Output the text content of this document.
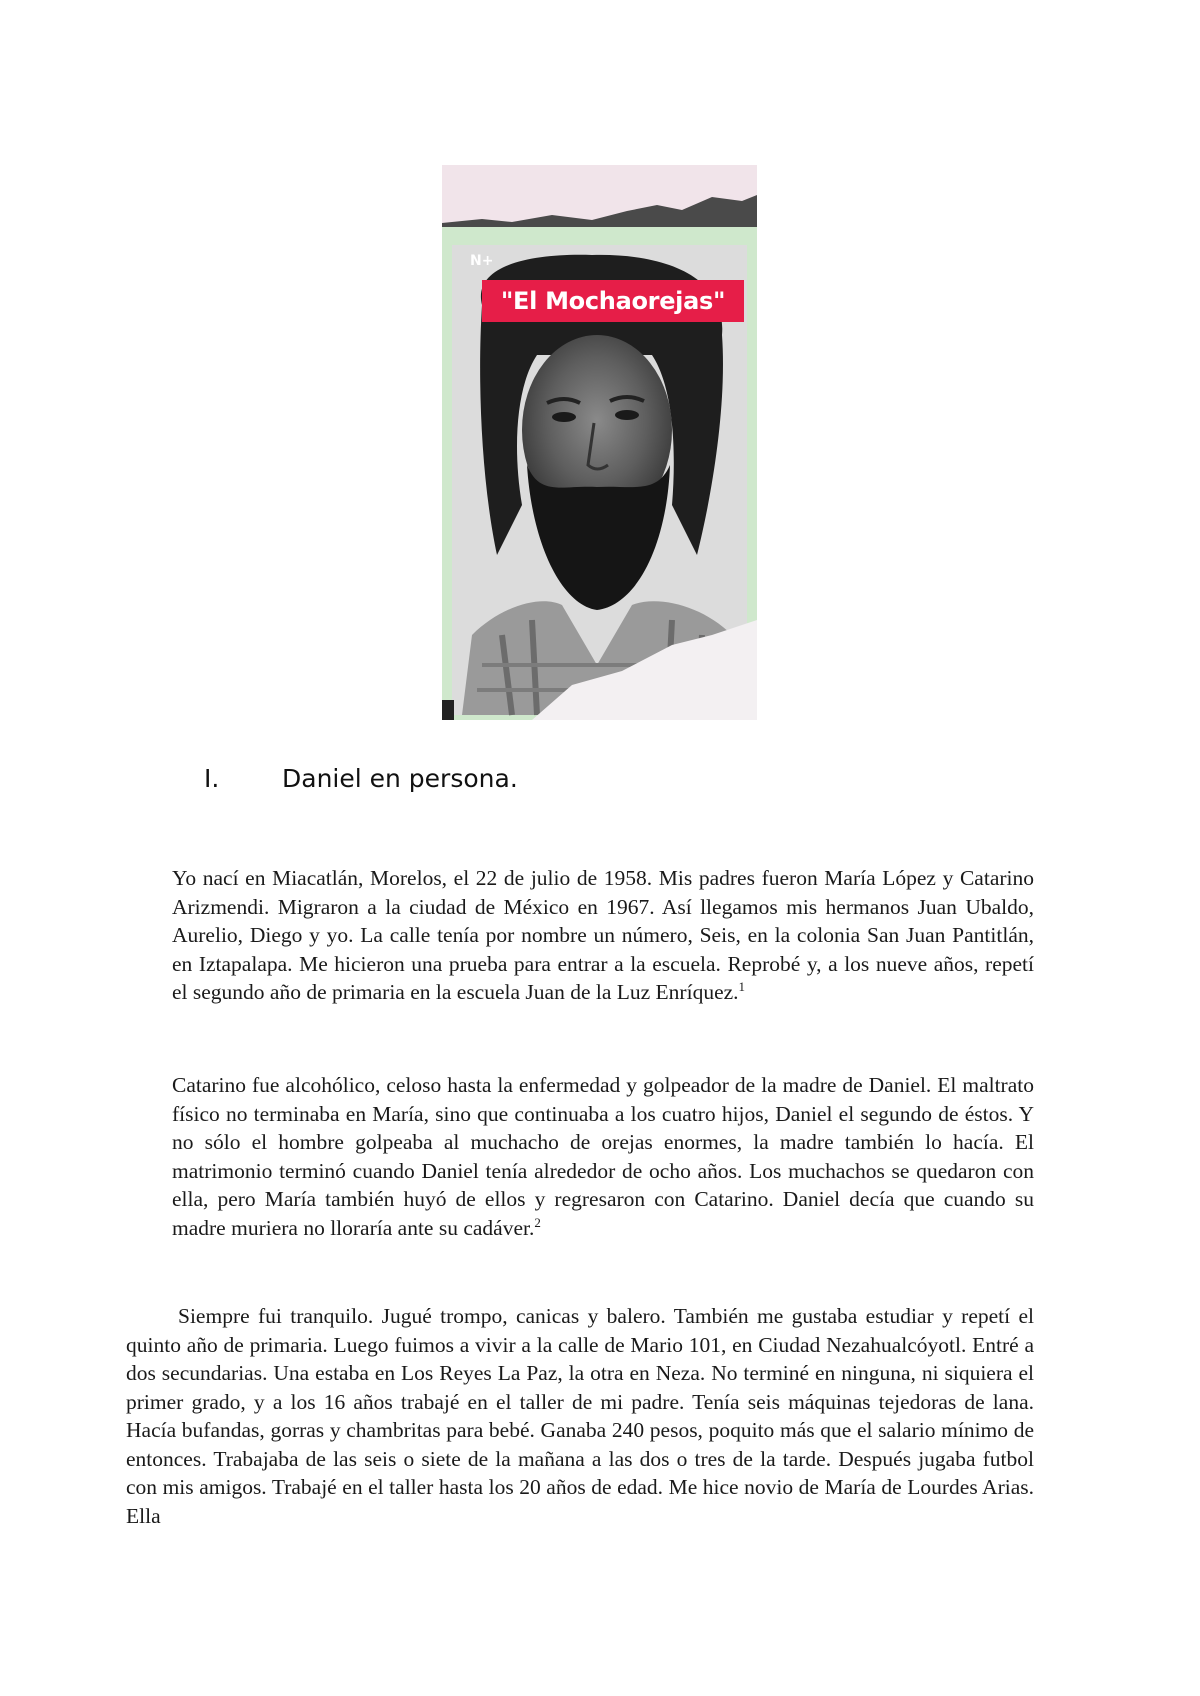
N+
"El Mochaorejas"
I.	Daniel en persona.

Yo nací en Miacatlán, Morelos, el 22 de julio de 1958. Mis padres fueron María López y Catarino Arizmendi. Migraron a la ciudad de México en 1967. Así llegamos mis hermanos Juan Ubaldo, Aurelio, Diego y yo. La calle tenía por nombre un número, Seis, en la colonia San Juan Pantitlán, en Iztapalapa. Me hicieron una prueba para entrar a la escuela. Reprobé y, a los nueve años, repetí el segundo año de primaria en la escuela Juan de la Luz Enríquez.$^1$

Catarino fue alcohólico, celoso hasta la enfermedad y golpeador de la madre de Daniel. El maltrato físico no terminaba en María, sino que continuaba a los cuatro hijos, Daniel el segundo de éstos. Y no sólo el hombre golpeaba al muchacho de orejas enormes, la madre también lo hacía. El matrimonio terminó cuando Daniel tenía alrededor de ocho años. Los muchachos se quedaron con ella, pero María también huyó de ellos y regresaron con Catarino. Daniel decía que cuando su madre muriera no lloraría ante su cadáver.$^2$

Siempre fui tranquilo. Jugué trompo, canicas y balero. También me gustaba estudiar y repetí el quinto año de primaria. Luego fuimos a vivir a la calle de Mario 101, en Ciudad Nezahualcóyotl. Entré a dos secundarias. Una estaba en Los Reyes La Paz, la otra en Neza. No terminé en ninguna, ni siquiera el primer grado, y a los 16 años trabajé en el taller de mi padre. Tenía seis máquinas tejedoras de lana. Hacía bufandas, gorras y chambritas para bebé. Ganaba 240 pesos, poquito más que el salario mínimo de entonces. Trabajaba de las seis o siete de la mañana a las dos o tres de la tarde. Después jugaba futbol con mis amigos. Trabajé en el taller hasta los 20 años de edad. Me hice novio de María de Lourdes Arias. Ella
